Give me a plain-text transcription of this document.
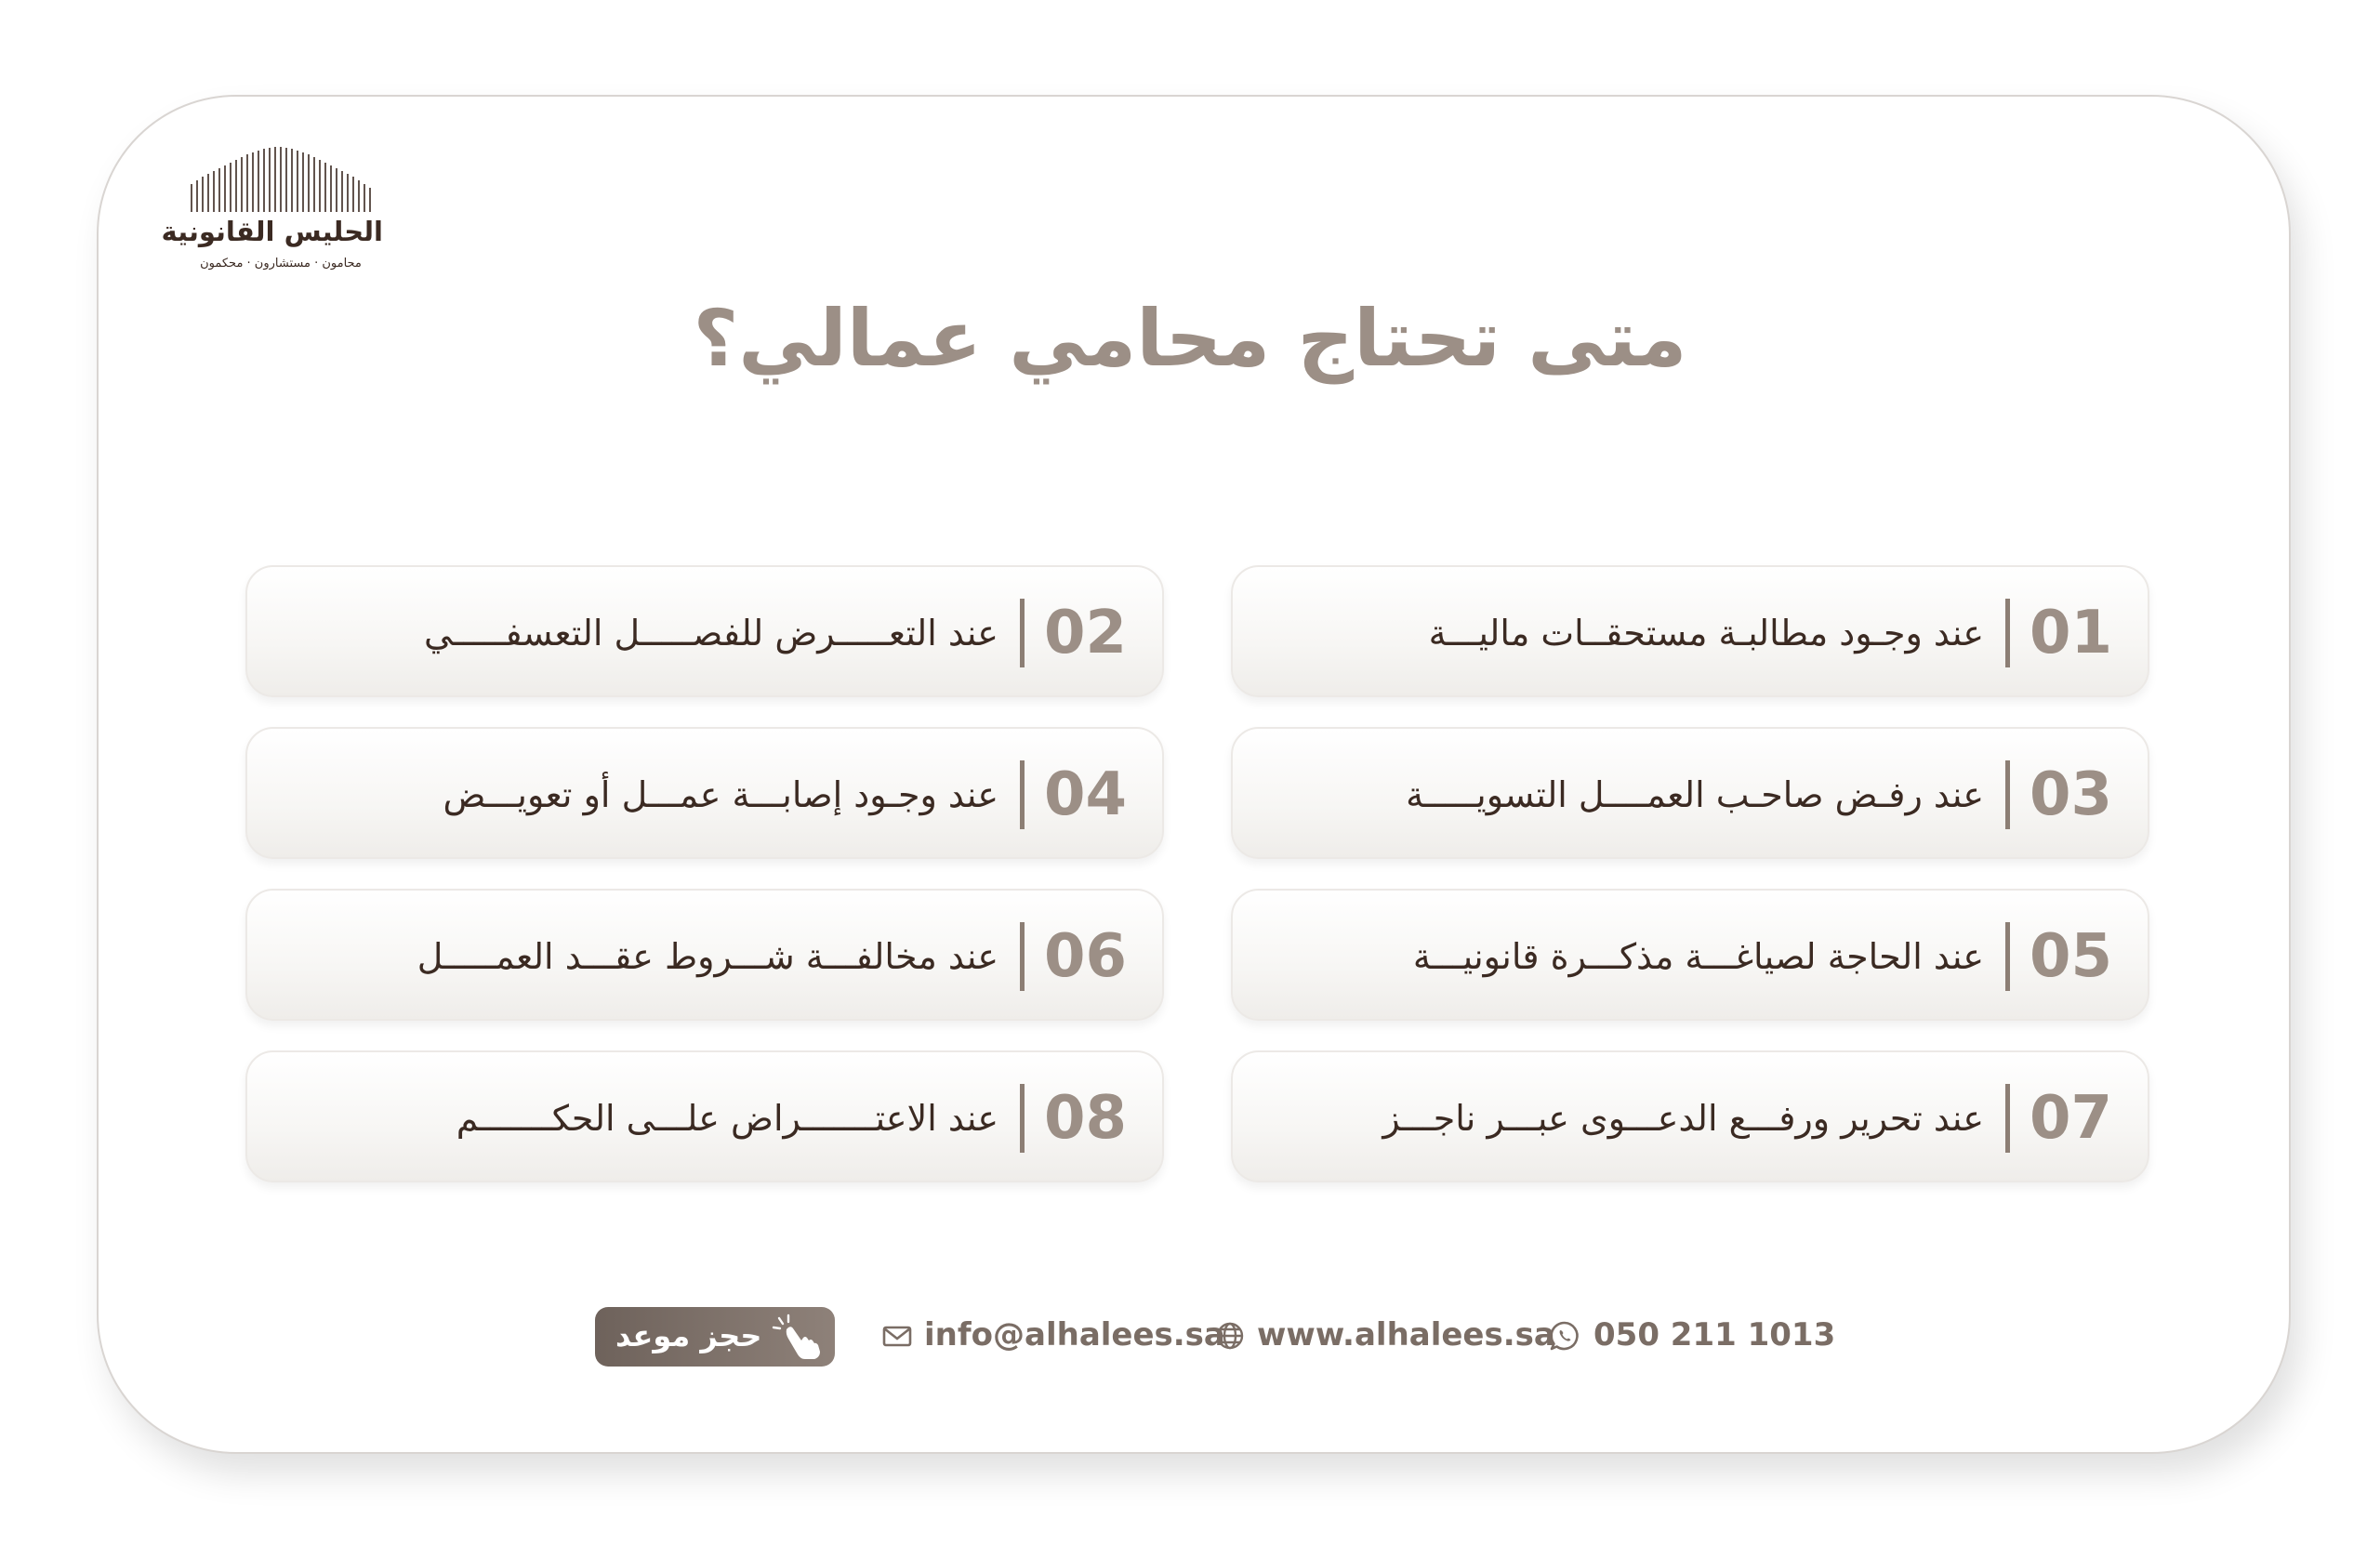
الحليس القانونية
محامون · مستشارون · محكمون
متى تحتاج محامي عمالي؟
01
عند وجـود مطالبـة مستحقــات ماليـــة
03
عند رفـض صاحـب العمــــل التسويـــــة
05
عند الحاجة لصياغـــة مذكـــرة قانونيـــة
07
عند تحرير ورفـــع الدعـــوى عبـــر ناجـــز
02
عند التعـــــرض للفصـــــل التعسفـــــي
04
عند وجـود إصابـــة عمـــل أو تعويـــض
06
عند مخالفـــة شـــروط عقـــد العمـــــل
08
عند الاعتـــــــراض علـــى الحكـــــــم
حجز موعد	info@alhalees.sa www.alhalees.sa 050 211 1013
